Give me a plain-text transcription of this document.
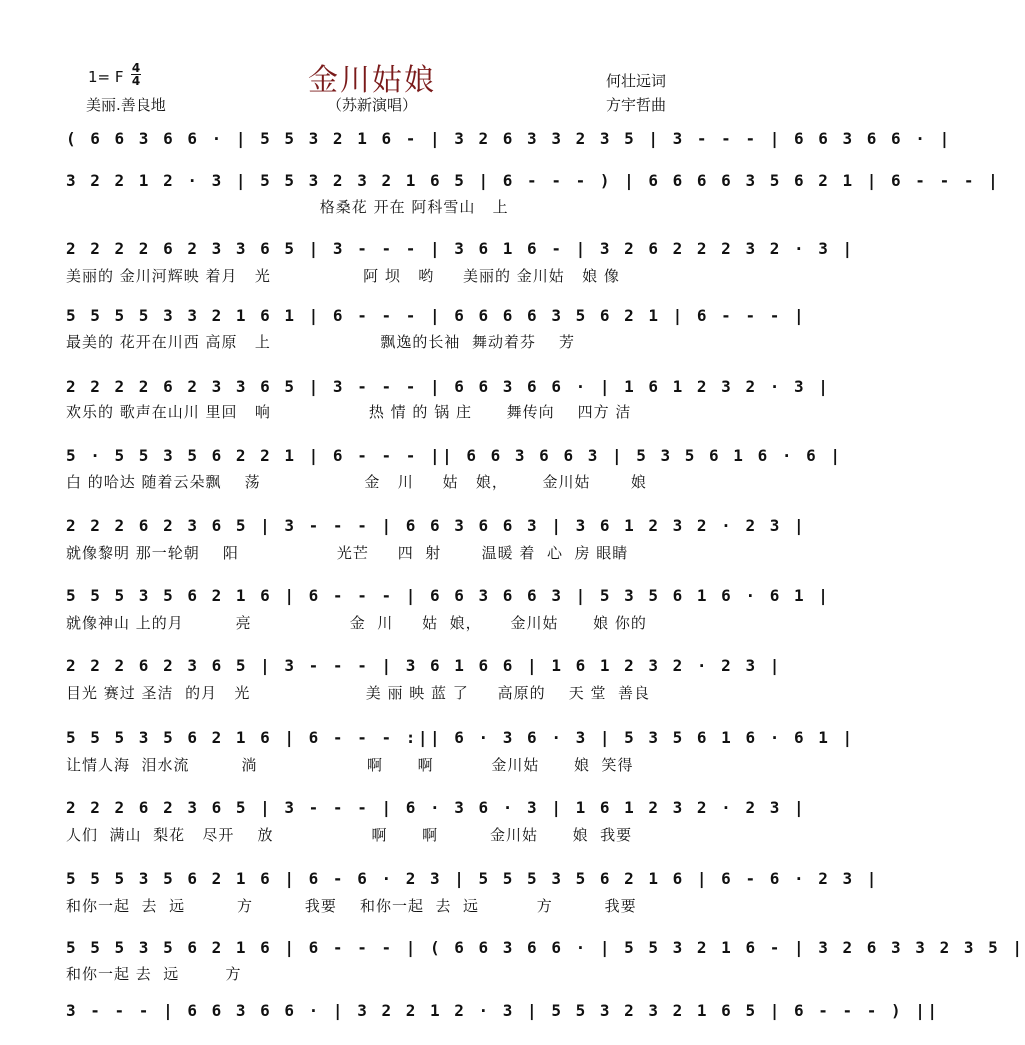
1= F 4
4	金川姑娘
（苏新演唱）
美丽.善良地
何壮远词
方宇哲曲
( 6 6 3 6 6 · | 5 5 3 2 1 6 - | 3 2 6 3 3 2 3 5 | 3 - - - | 6 6 3 6 6 · |
3 2 2 1 2 · 3 | 5 5 3 2 3 2 1 6 5 | 6 - - - ) | 6 6 6 6 3 5 6 2 1 | 6 - - - |
格桑花 开在 阿科雪山   上
2 2 2 2 6 2 3 3 6 5 | 3 - - - | 3 6 1 6 - | 3 2 6 2 2 2 3 2 · 3 |
美丽的 金川河辉映 着月   光                阿 坝   哟     美丽的 金川姑   娘 像
5 5 5 5 3 3 2 1 6 1 | 6 - - - | 6 6 6 6 3 5 6 2 1 | 6 - - - |
最美的 花开在川西 高原   上                   飘逸的长袖  舞动着芬    芳
2 2 2 2 6 2 3 3 6 5 | 3 - - - | 6 6 3 6 6 · | 1 6 1 2 3 2 · 3 |
欢乐的 歌声在山川 里回   响                 热 情 的 锅 庄      舞传向    四方 洁
5 · 5 5 3 5 6 2 2 1 | 6 - - - || 6 6 3 6 6 3 | 5 3 5 6 1 6 · 6 |
白 的哈达 随着云朵飘    荡                  金   川     姑   娘，      金川姑       娘
2 2 2 6 2 3 6 5 | 3 - - - | 6 6 3 6 6 3 | 3 6 1 2 3 2 · 2 3 |
就像黎明 那一轮朝    阳                 光芒     四  射       温暖 着  心  房 眼睛
5 5 5 3 5 6 2 1 6 | 6 - - - | 6 6 3 6 6 3 | 5 3 5 6 1 6 · 6 1 |
就像神山 上的月         亮                 金  川     姑  娘，     金川姑      娘 你的
2 2 2 6 2 3 6 5 | 3 - - - | 3 6 1 6 6 | 1 6 1 2 3 2 · 2 3 |
目光 赛过 圣洁  的月   光                    美 丽 映 蓝 了     高原的    天 堂  善良
5 5 5 3 5 6 2 1 6 | 6 - - - :|| 6 · 3 6 · 3 | 5 3 5 6 1 6 · 6 1 |
让情人海  泪水流         淌                   啊      啊          金川姑      娘  笑得
2 2 2 6 2 3 6 5 | 3 - - - | 6 · 3 6 · 3 | 1 6 1 2 3 2 · 2 3 |
人们  满山  梨花   尽开    放                 啊      啊         金川姑      娘  我要
5 5 5 3 5 6 2 1 6 | 6 - 6 · 2 3 | 5 5 5 3 5 6 2 1 6 | 6 - 6 · 2 3 |
和你一起  去  远         方         我要    和你一起  去  远          方         我要
5 5 5 3 5 6 2 1 6 | 6 - - - | ( 6 6 3 6 6 · | 5 5 3 2 1 6 - | 3 2 6 3 3 2 3 5 |
和你一起 去  远        方
3 - - - | 6 6 3 6 6 · | 3 2 2 1 2 · 3 | 5 5 3 2 3 2 1 6 5 | 6 - - - ) ||
